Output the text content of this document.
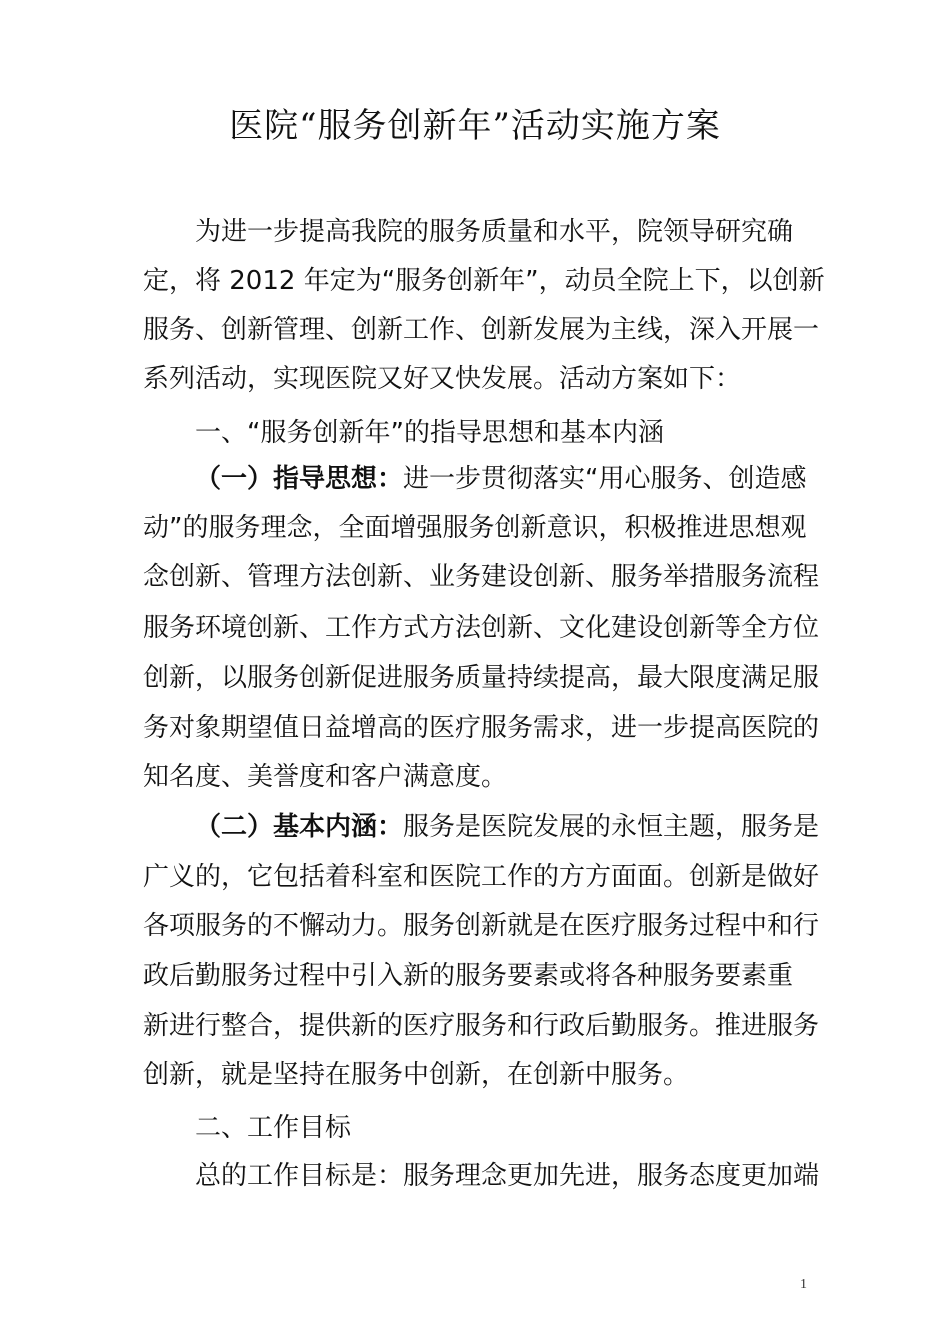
医院“服务创新年”活动实施方案

为进一步提高我院的服务质量和水平，院领导研究确

定，将 2012 年定为“服务创新年”，动员全院上下，以创新

服务、创新管理、创新工作、创新发展为主线，深入开展一

系列活动，实现医院又好又快发展。活动方案如下：

一、“服务创新年”的指导思想和基本内涵

（一）指导思想：进一步贯彻落实“用心服务、创造感

动”的服务理念，全面增强服务创新意识，积极推进思想观

念创新、管理方法创新、业务建设创新、服务举措服务流程

服务环境创新、工作方式方法创新、文化建设创新等全方位

创新，以服务创新促进服务质量持续提高，最大限度满足服

务对象期望值日益增高的医疗服务需求，进一步提高医院的

知名度、美誉度和客户满意度。

（二）基本内涵：服务是医院发展的永恒主题，服务是

广义的，它包括着科室和医院工作的方方面面。创新是做好

各项服务的不懈动力。服务创新就是在医疗服务过程中和行

政后勤服务过程中引入新的服务要素或将各种服务要素重

新进行整合，提供新的医疗服务和行政后勤服务。推进服务

创新，就是坚持在服务中创新，在创新中服务。

二、工作目标

总的工作目标是：服务理念更加先进，服务态度更加端

1
